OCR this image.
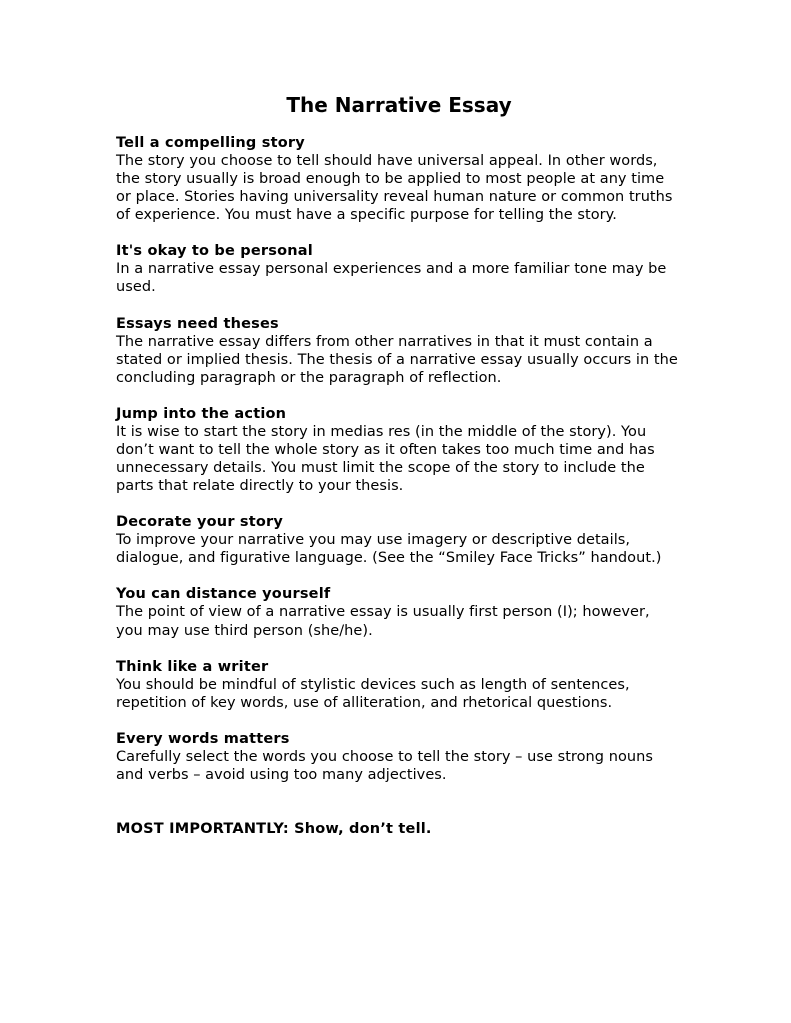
The Narrative Essay

Tell a compelling story

The story you choose to tell should have universal appeal. In other words, the story usually is broad enough to be applied to most people at any time or place. Stories having universality reveal human nature or common truths of experience. You must have a specific purpose for telling the story.

It's okay to be personal

In a narrative essay personal experiences and a more familiar tone may be used.

Essays need theses

The narrative essay differs from other narratives in that it must contain a stated or implied thesis. The thesis of a narrative essay usually occurs in the concluding paragraph or the paragraph of reflection.

Jump into the action

It is wise to start the story in medias res (in the middle of the story). You don’t want to tell the whole story as it often takes too much time and has unnecessary details. You must limit the scope of the story to include the parts that relate directly to your thesis.

Decorate your story

To improve your narrative you may use imagery or descriptive details, dialogue, and figurative language. (See the “Smiley Face Tricks” handout.)

You can distance yourself

The point of view of a narrative essay is usually first person (I); however, you may use third person (she/he).

Think like a writer

You should be mindful of stylistic devices such as length of sentences, repetition of key words, use of alliteration, and rhetorical questions.

Every words matters

Carefully select the words you choose to tell the story – use strong nouns and verbs – avoid using too many adjectives.

MOST IMPORTANTLY: Show, don’t tell.
